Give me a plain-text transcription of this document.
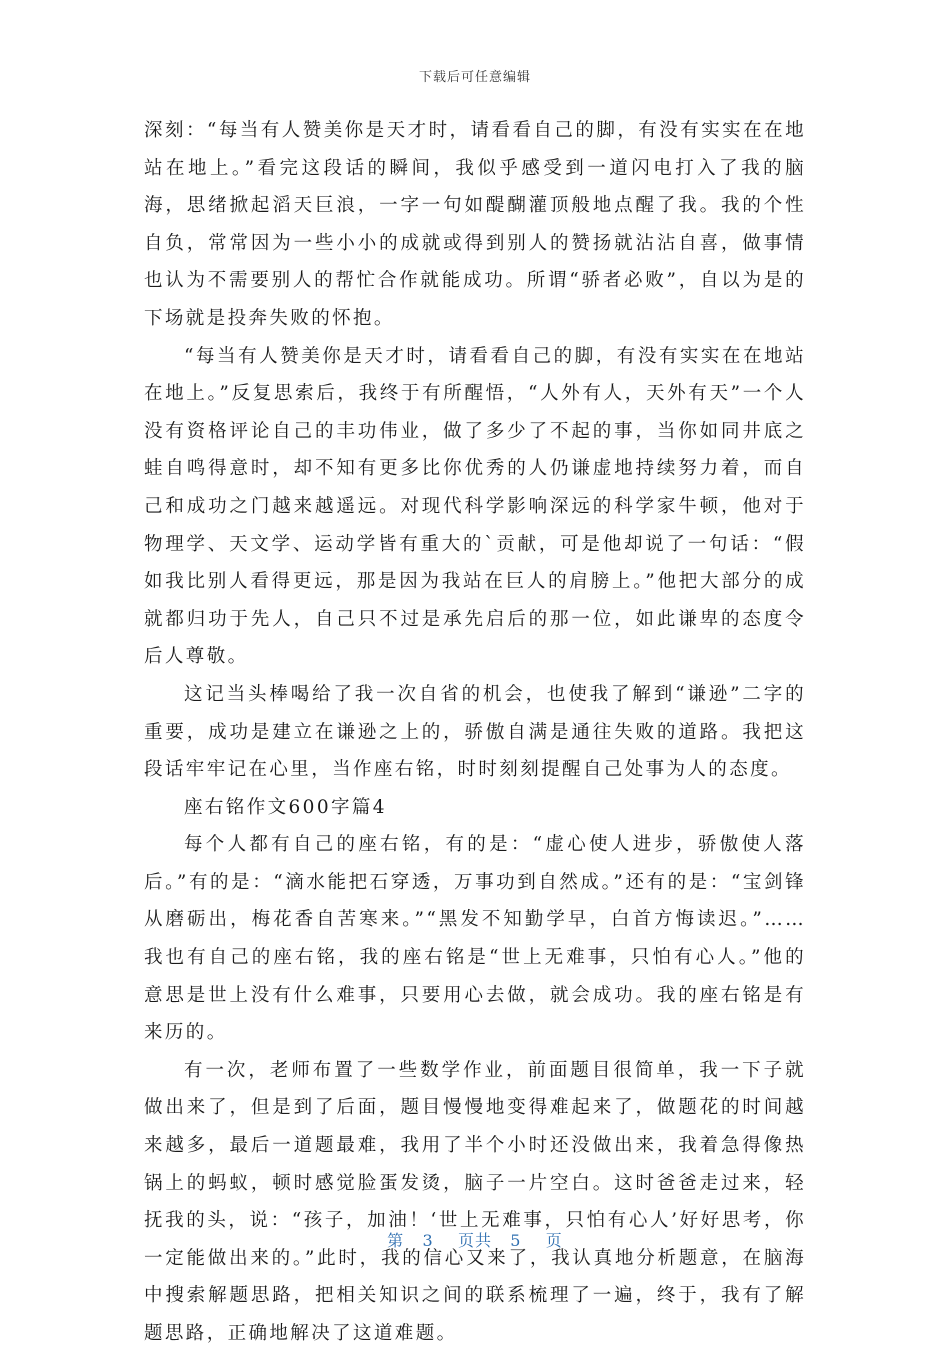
下载后可任意编辑

深刻：“每当有人赞美你是天才时，请看看自己的脚，有没有实实在在地站在地上。”看完这段话的瞬间，我似乎感受到一道闪电打入了我的脑海，思绪掀起滔天巨浪，一字一句如醍醐灌顶般地点醒了我。我的个性自负，常常因为一些小小的成就或得到别人的赞扬就沾沾自喜，做事情也认为不需要别人的帮忙合作就能成功。所谓“骄者必败”，自以为是的下场就是投奔失败的怀抱。

“每当有人赞美你是天才时，请看看自己的脚，有没有实实在在地站在地上。”反复思索后，我终于有所醒悟，“人外有人，天外有天”一个人没有资格评论自己的丰功伟业，做了多少了不起的事，当你如同井底之蛙自鸣得意时，却不知有更多比你优秀的人仍谦虚地持续努力着，而自己和成功之门越来越遥远。对现代科学影响深远的科学家牛顿，他对于物理学、天文学、运动学皆有重大的`贡献，可是他却说了一句话：“假如我比别人看得更远，那是因为我站在巨人的肩膀上。”他把大部分的成就都归功于先人，自己只不过是承先启后的那一位，如此谦卑的态度令后人尊敬。

这记当头棒喝给了我一次自省的机会，也使我了解到“谦逊”二字的重要，成功是建立在谦逊之上的，骄傲自满是通往失败的道路。我把这段话牢牢记在心里，当作座右铭，时时刻刻提醒自己处事为人的态度。

座右铭作文600字篇4

每个人都有自己的座右铭，有的是：“虚心使人进步，骄傲使人落后。”有的是：“滴水能把石穿透，万事功到自然成。”还有的是：“宝剑锋从磨砺出，梅花香自苦寒来。”“黑发不知勤学早，白首方悔读迟。”……我也有自己的座右铭，我的座右铭是“世上无难事，只怕有心人。”他的意思是世上没有什么难事，只要用心去做，就会成功。我的座右铭是有来历的。

有一次，老师布置了一些数学作业，前面题目很简单，我一下子就做出来了，但是到了后面，题目慢慢地变得难起来了，做题花的时间越来越多，最后一道题最难，我用了半个小时还没做出来，我着急得像热锅上的蚂蚁，顿时感觉脸蛋发烫，脑子一片空白。这时爸爸走过来，轻抚我的头，说：“孩子，加油！‘世上无难事，只怕有心人’好好思考，你一定能做出来的。”此时，我的信心又来了，我认真地分析题意，在脑海中搜索解题思路，把相关知识之间的联系梳理了一遍，终于，我有了解题思路，正确地解决了这道难题。

第 3 页共 5 页
